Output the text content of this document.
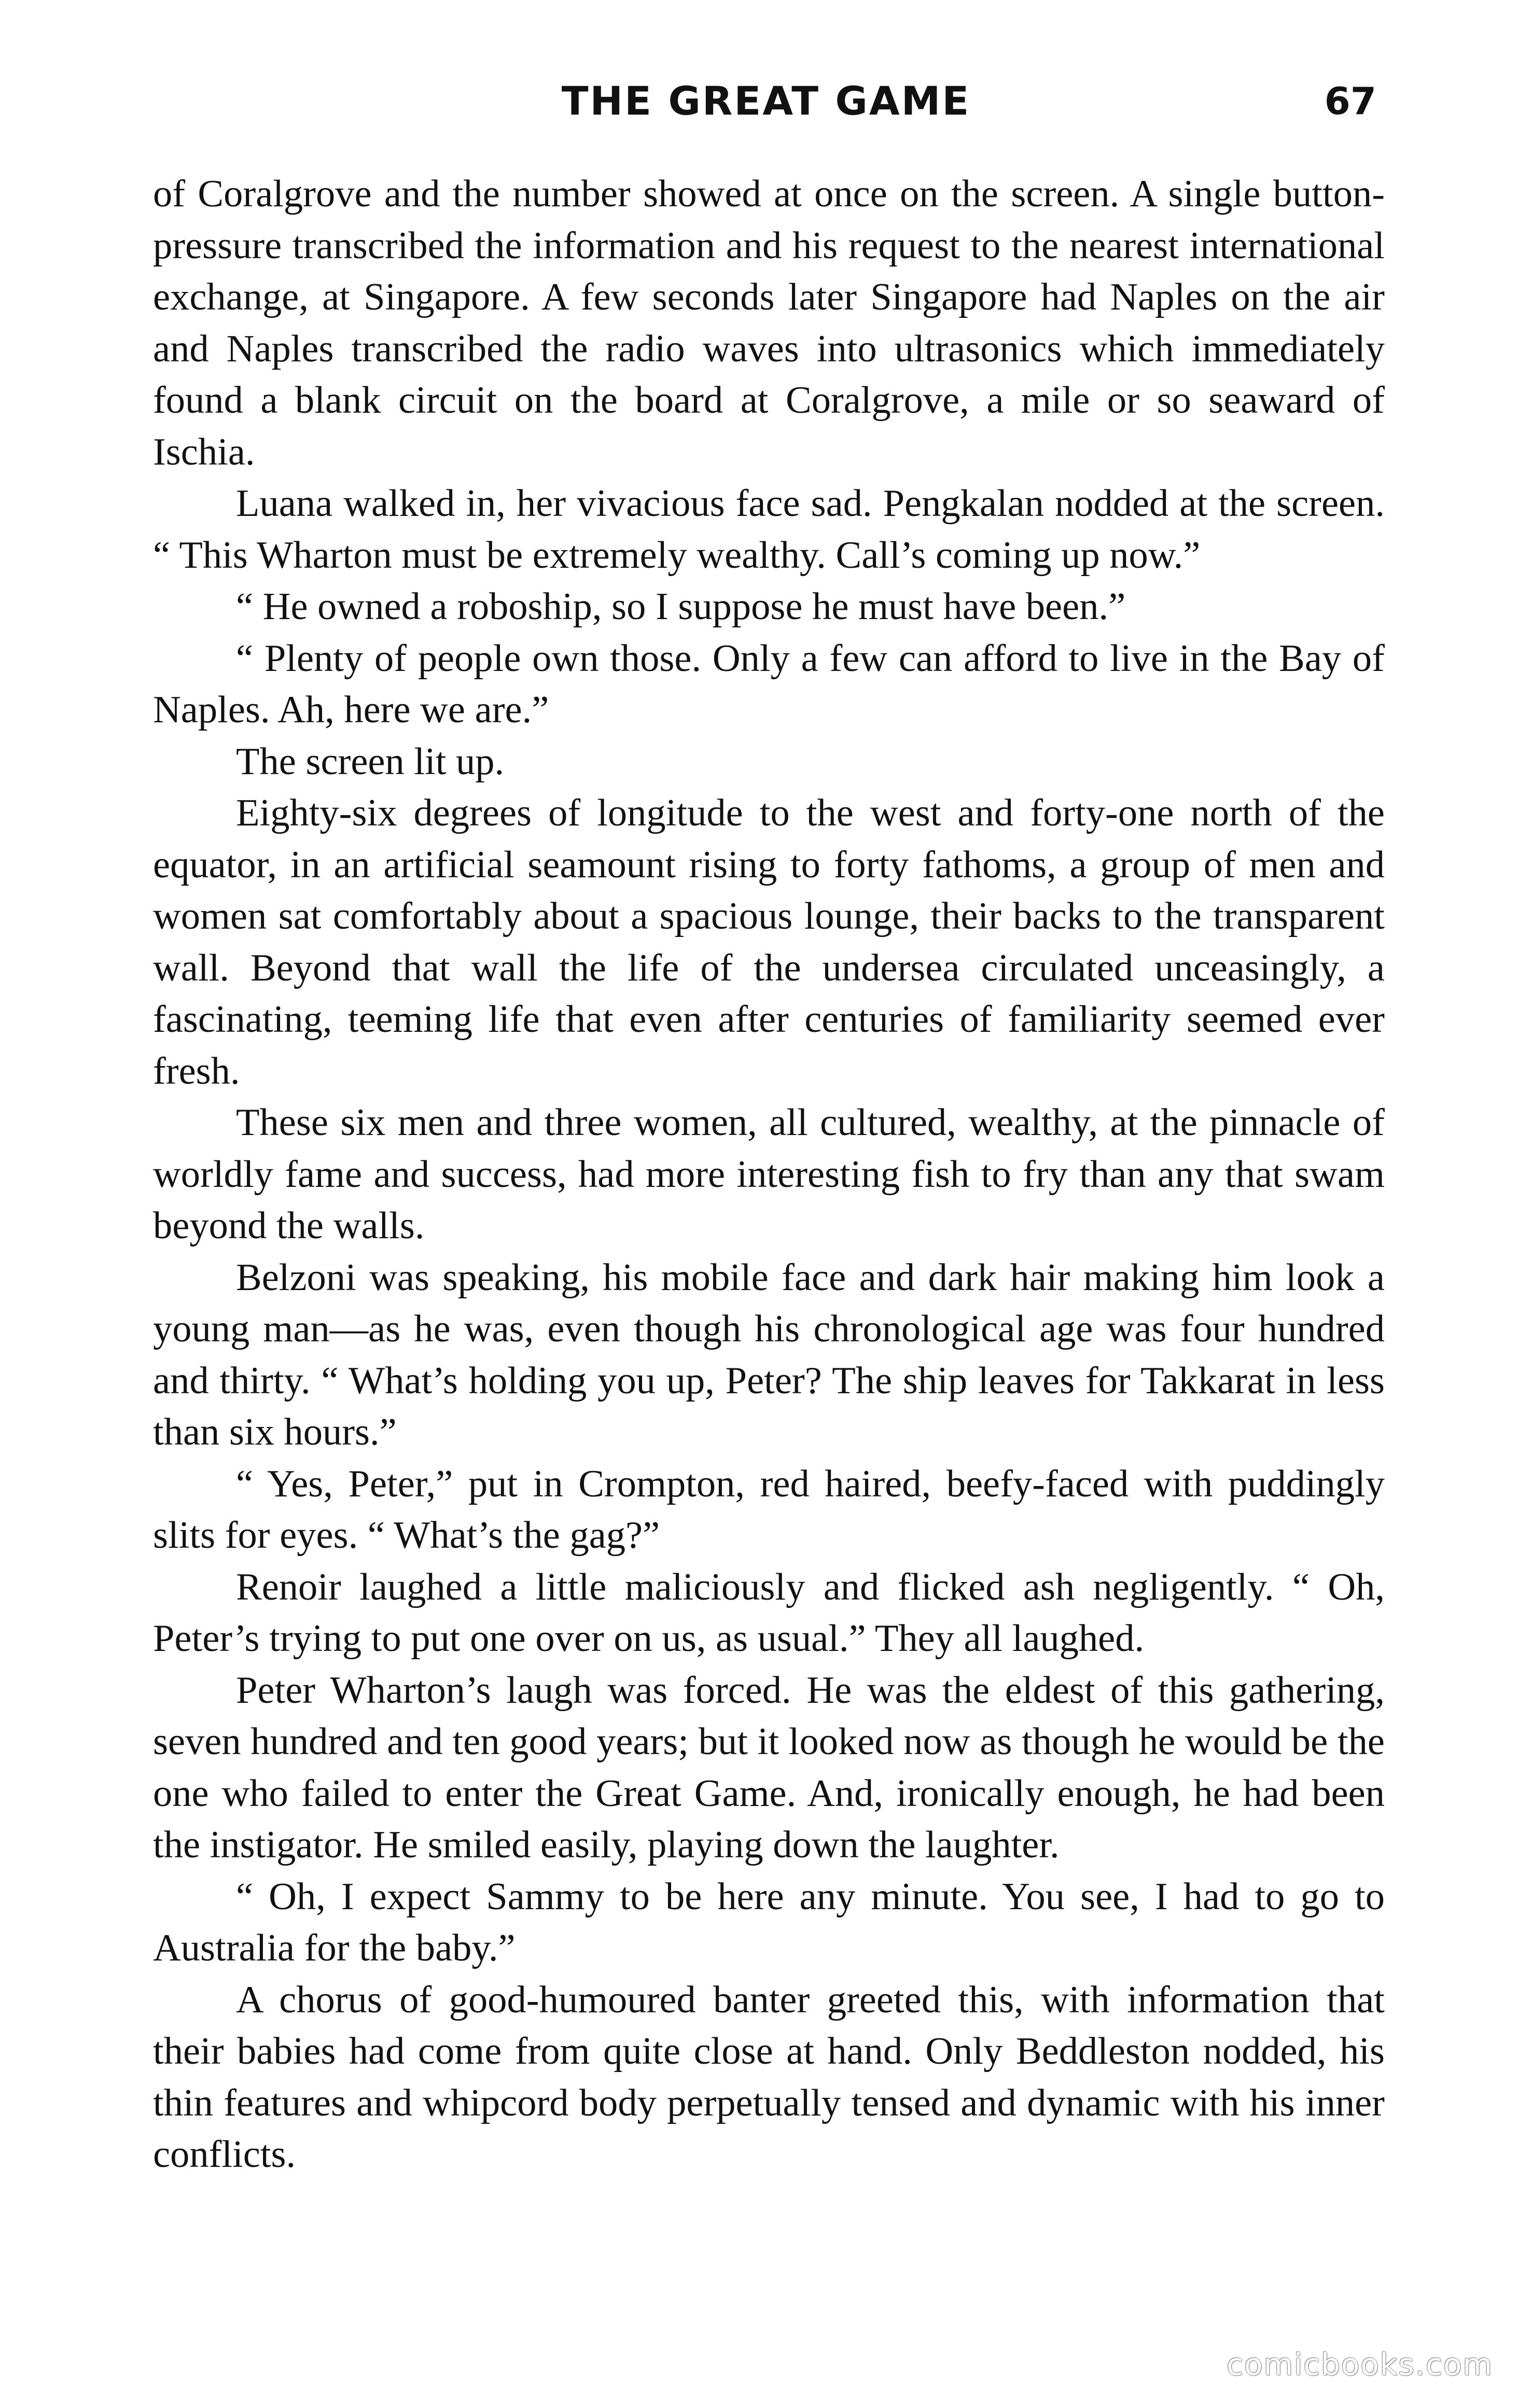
THE GREAT GAME	67

of Coralgrove and the number showed at once on the screen. A single button-pressure transcribed the information and his request to the nearest international exchange, at Singapore. A few seconds later Singapore had Naples on the air and Naples transcribed the radio waves into ultrasonics which immediately found a blank circuit on the board at Coralgrove, a mile or so seaward of Ischia.

Luana walked in, her vivacious face sad. Pengkalan nodded at the screen. “ This Wharton must be extremely wealthy. Call’s coming up now.”

“ He owned a roboship, so I suppose he must have been.”

“ Plenty of people own those. Only a few can afford to live in the Bay of Naples. Ah, here we are.”

The screen lit up.

Eighty-six degrees of longitude to the west and forty-one north of the equator, in an artificial seamount rising to forty fathoms, a group of men and women sat comfortably about a spacious lounge, their backs to the transparent wall. Beyond that wall the life of the undersea circulated unceasingly, a fascinating, teeming life that even after centuries of familiarity seemed ever fresh.

These six men and three women, all cultured, wealthy, at the pinnacle of worldly fame and success, had more interesting fish to fry than any that swam beyond the walls.

Belzoni was speaking, his mobile face and dark hair making him look a young man—as he was, even though his chronological age was four hundred and thirty. “ What’s holding you up, Peter? The ship leaves for Takkarat in less than six hours.”

“ Yes, Peter,” put in Crompton, red haired, beefy-faced with puddingly slits for eyes. “ What’s the gag?”

Renoir laughed a little maliciously and flicked ash negligently. “ Oh, Peter’s trying to put one over on us, as usual.” They all laughed.

Peter Wharton’s laugh was forced. He was the eldest of this gathering, seven hundred and ten good years; but it looked now as though he would be the one who failed to enter the Great Game. And, ironically enough, he had been the instigator. He smiled easily, playing down the laughter.

“ Oh, I expect Sammy to be here any minute. You see, I had to go to Australia for the baby.”

A chorus of good-humoured banter greeted this, with information that their babies had come from quite close at hand. Only Beddleston nodded, his thin features and whipcord body perpetually tensed and dynamic with his inner conflicts.

comicbooks.com
